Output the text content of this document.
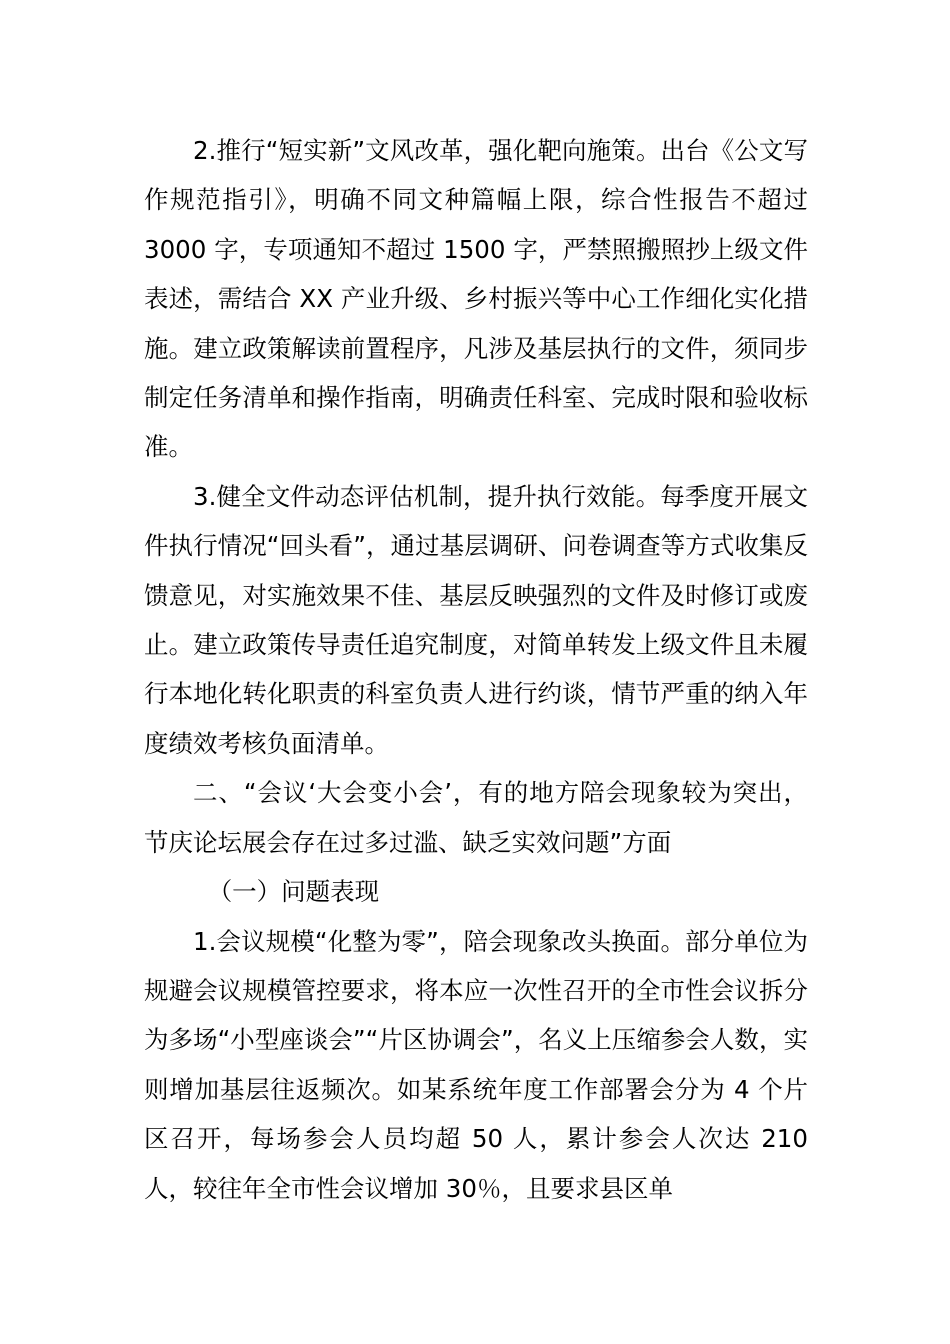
2.推行“短实新”文风改革，强化靶向施策。出台《公文写作规范指引》，明确不同文种篇幅上限，综合性报告不超过 3000 字，专项通知不超过 1500 字，严禁照搬照抄上级文件表述，需结合 XX 产业升级、乡村振兴等中心工作细化实化措施。建立政策解读前置程序，凡涉及基层执行的文件，须同步制定任务清单和操作指南，明确责任科室、完成时限和验收标准。

3.健全文件动态评估机制，提升执行效能。每季度开展文件执行情况“回头看”，通过基层调研、问卷调查等方式收集反馈意见，对实施效果不佳、基层反映强烈的文件及时修订或废止。建立政策传导责任追究制度，对简单转发上级文件且未履行本地化转化职责的科室负责人进行约谈，情节严重的纳入年度绩效考核负面清单。

二、“会议‘大会变小会’，有的地方陪会现象较为突出，节庆论坛展会存在过多过滥、缺乏实效问题”方面

（一）问题表现

1.会议规模“化整为零”，陪会现象改头换面。部分单位为规避会议规模管控要求，将本应一次性召开的全市性会议拆分为多场“小型座谈会”“片区协调会”，名义上压缩参会人数，实则增加基层往返频次。如某系统年度工作部署会分为 4 个片区召开，每场参会人员均超 50 人，累计参会人次达 210 人，较往年全市性会议增加 30％，且要求县区单
